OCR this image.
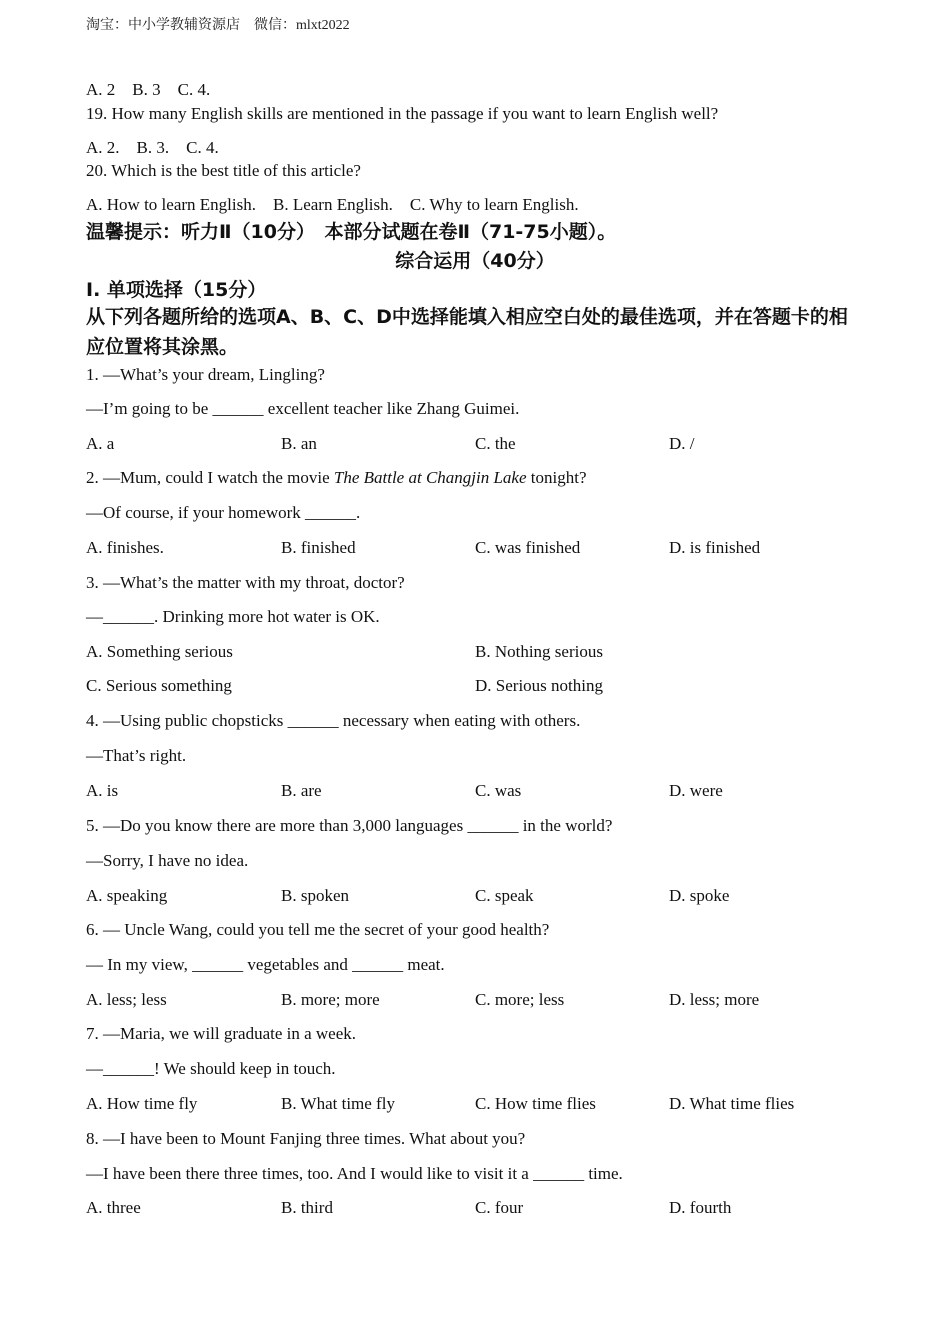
淘宝：中小学教辅资源店　微信：mlxt2022
A. 2　B. 3　C. 4.
19. How many English skills are mentioned in the passage if you want to learn English well?
A. 2.　B. 3.　C. 4.
20. Which is the best title of this article?
A. How to learn English.　B. Learn English.　C. Why to learn English.
温馨提示：听力Ⅱ（10分）　本部分试题在卷Ⅱ（71-75小题）。
综合运用（40分）
Ⅰ. 单项选择（15分）
从下列各题所给的选项A、B、C、D中选择能填入相应空白处的最佳选项，并在答题卡的相应位置将其涂黑。
1. —What’s your dream, Lingling?
—I’m going to be ______ excellent teacher like Zhang Guimei.
A. a	B. an	C. the	D. /
2. —Mum, could I watch the movie The Battle at Changjin Lake tonight?
—Of course, if your homework ______.
A. finishes.	B. finished	C. was finished	D. is finished
3. —What’s the matter with my throat, doctor?
—______. Drinking more hot water is OK.
A. Something serious	B. Nothing serious
C. Serious something	D. Serious nothing
4. —Using public chopsticks ______ necessary when eating with others.
—That’s right.
A. is	B. are	C. was	D. were
5. —Do you know there are more than 3,000 languages ______ in the world?
—Sorry, I have no idea.
A. speaking	B. spoken	C. speak	D. spoke
6. — Uncle Wang, could you tell me the secret of your good health?
— In my view, ______ vegetables and ______ meat.
A. less; less	B. more; more	C. more; less	D. less; more
7. —Maria, we will graduate in a week.
—______! We should keep in touch.
A. How time fly	B. What time fly	C. How time flies	D. What time flies
8. —I have been to Mount Fanjing three times. What about you?
—I have been there three times, too. And I would like to visit it a ______ time.
A. three	B. third	C. four	D. fourth
